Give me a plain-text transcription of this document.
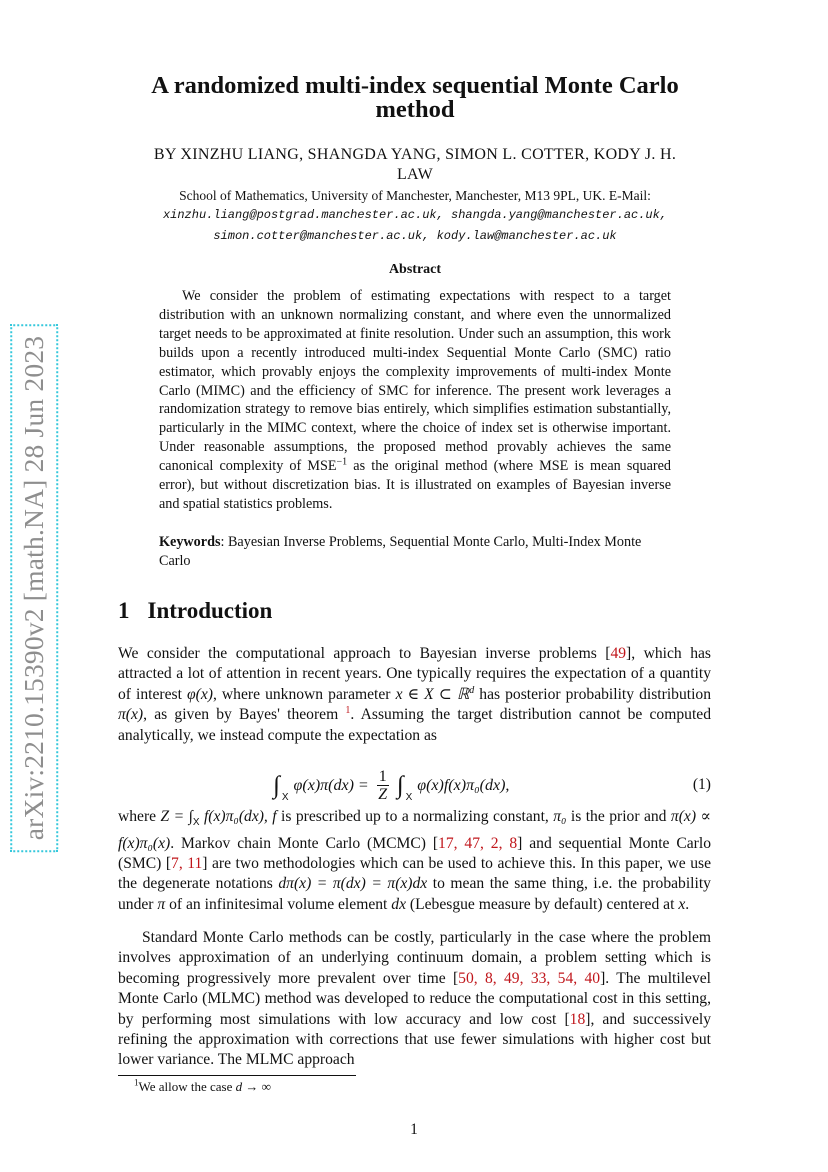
arXiv:2210.15390v2 [math.NA] 28 Jun 2023
A randomized multi-index sequential Monte Carlo
method
BY XINZHU LIANG, SHANGDA YANG, SIMON L. COTTER, KODY J. H.
LAW
School of Mathematics, University of Manchester, Manchester, M13 9PL, UK. E-Mail:
xinzhu.liang@postgrad.manchester.ac.uk, shangda.yang@manchester.ac.uk,
simon.cotter@manchester.ac.uk, kody.law@manchester.ac.uk
Abstract

We consider the problem of estimating expectations with respect to a target distribution with an unknown normalizing constant, and where even the unnormalized target needs to be approximated at finite resolution. Under such an assumption, this work builds upon a recently introduced multi-index Sequential Monte Carlo (SMC) ratio estimator, which provably enjoys the complexity improvements of multi-index Monte Carlo (MIMC) and the efficiency of SMC for inference. The present work leverages a randomization strategy to remove bias entirely, which simplifies estimation substantially, particularly in the MIMC context, where the choice of index set is otherwise important. Under reasonable assumptions, the proposed method provably achieves the same canonical complexity of $MSE^{-1}$ as the original method (where MSE is mean squared error), but without discretization bias. It is illustrated on examples of Bayesian inverse and spatial statistics problems.

Keywords: Bayesian Inverse Problems, Sequential Monte Carlo, Multi-Index Monte Carlo

1 Introduction

We consider the computational approach to Bayesian inverse problems [49], which has attracted a lot of attention in recent years. One typically requires the expectation of a quantity of interest φ(x), where unknown parameter x ∈ X ⊂ ℝ$^d$ has posterior probability distribution π(x), as given by Bayes' theorem $^1$. Assuming the target distribution cannot be computed analytically, we instead compute the expectation as

∫ X
$\varphi(x)\pi(dx) = \frac{1}{Z}$ ∫ X
φ(x)f(x)π₀(dx),	(1)

where $Z = \int_X$ f(x)π₀(dx), f is prescribed up to a normalizing constant, π₀ is the prior and π(x) ∝ f(x)π₀(x). Markov chain Monte Carlo (MCMC) [17, 47, 2, 8] and sequential Monte Carlo (SMC) [7, 11] are two methodologies which can be used to achieve this. In this paper, we use the degenerate notations dπ(x) = π(dx) = π(x)dx to mean the same thing, i.e. the probability under π of an infinitesimal volume element dx (Lebesgue measure by default) centered at x.

Standard Monte Carlo methods can be costly, particularly in the case where the problem involves approximation of an underlying continuum domain, a problem setting which is becoming progressively more prevalent over time [50, 8, 49, 33, 54, 40]. The multilevel Monte Carlo (MLMC) method was developed to reduce the computational cost in this setting, by performing most simulations with low accuracy and low cost [18], and successively refining the approximation with corrections that use fewer simulations with higher cost but lower variance. The MLMC approach

$^1$We allow the case d → ∞

1
